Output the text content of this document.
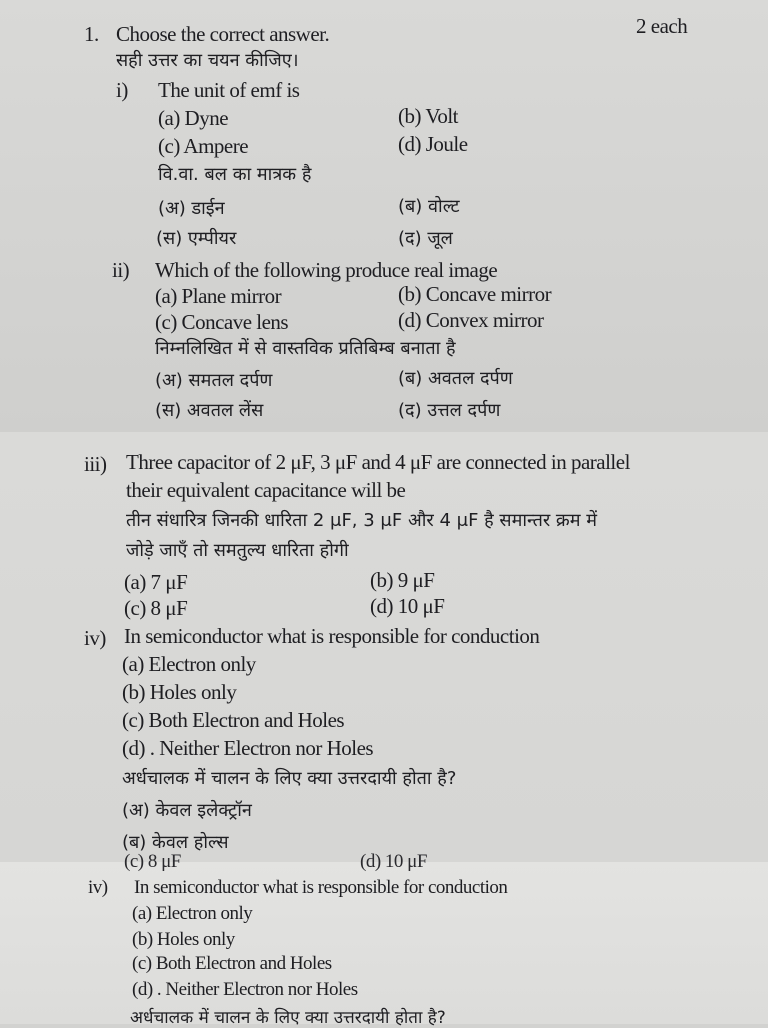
1. Choose the correct answer.	2 each
सही उत्तर का चयन कीजिए।
i) The unit of emf is
(a) Dyne	(b) Volt
(c) Ampere	(d) Joule
वि.वा. बल का मात्रक है
(अ) डाईन	(ब) वोल्ट
(स) एम्पीयर	(द) जूल
ii) Which of the following produce real image
(a) Plane mirror	(b) Concave mirror
(c) Concave lens	(d) Convex mirror
निम्नलिखित में से वास्तविक प्रतिबिम्ब बनाता है
(अ) समतल दर्पण	(ब) अवतल दर्पण
(स) अवतल लेंस	(द) उत्तल दर्पण
iii) Three capacitor of 2 μF, 3 μF and 4 μF are connected in parallel
their equivalent capacitance will be
तीन संधारित्र जिनकी धारिता 2 μF, 3 μF और 4 μF है समान्तर क्रम में
जोड़े जाएँ तो समतुल्य धारिता होगी
(a) 7 μF	(b) 9 μF
(c) 8 μF	(d) 10 μF
iv) In semiconductor what is responsible for conduction
(a) Electron only
(b) Holes only
(c) Both Electron and Holes
(d) . Neither Electron nor Holes
अर्धचालक में चालन के लिए क्या उत्तरदायी होता है?
(अ) केवल इलेक्ट्रॉन
(ब) केवल होल्स
(c) 8 μF	(d) 10 μF
iv) In semiconductor what is responsible for conduction
(a) Electron only
(b) Holes only
(c) Both Electron and Holes
(d) . Neither Electron nor Holes
अर्धचालक में चालन के लिए क्या उत्तरदायी होता है?
